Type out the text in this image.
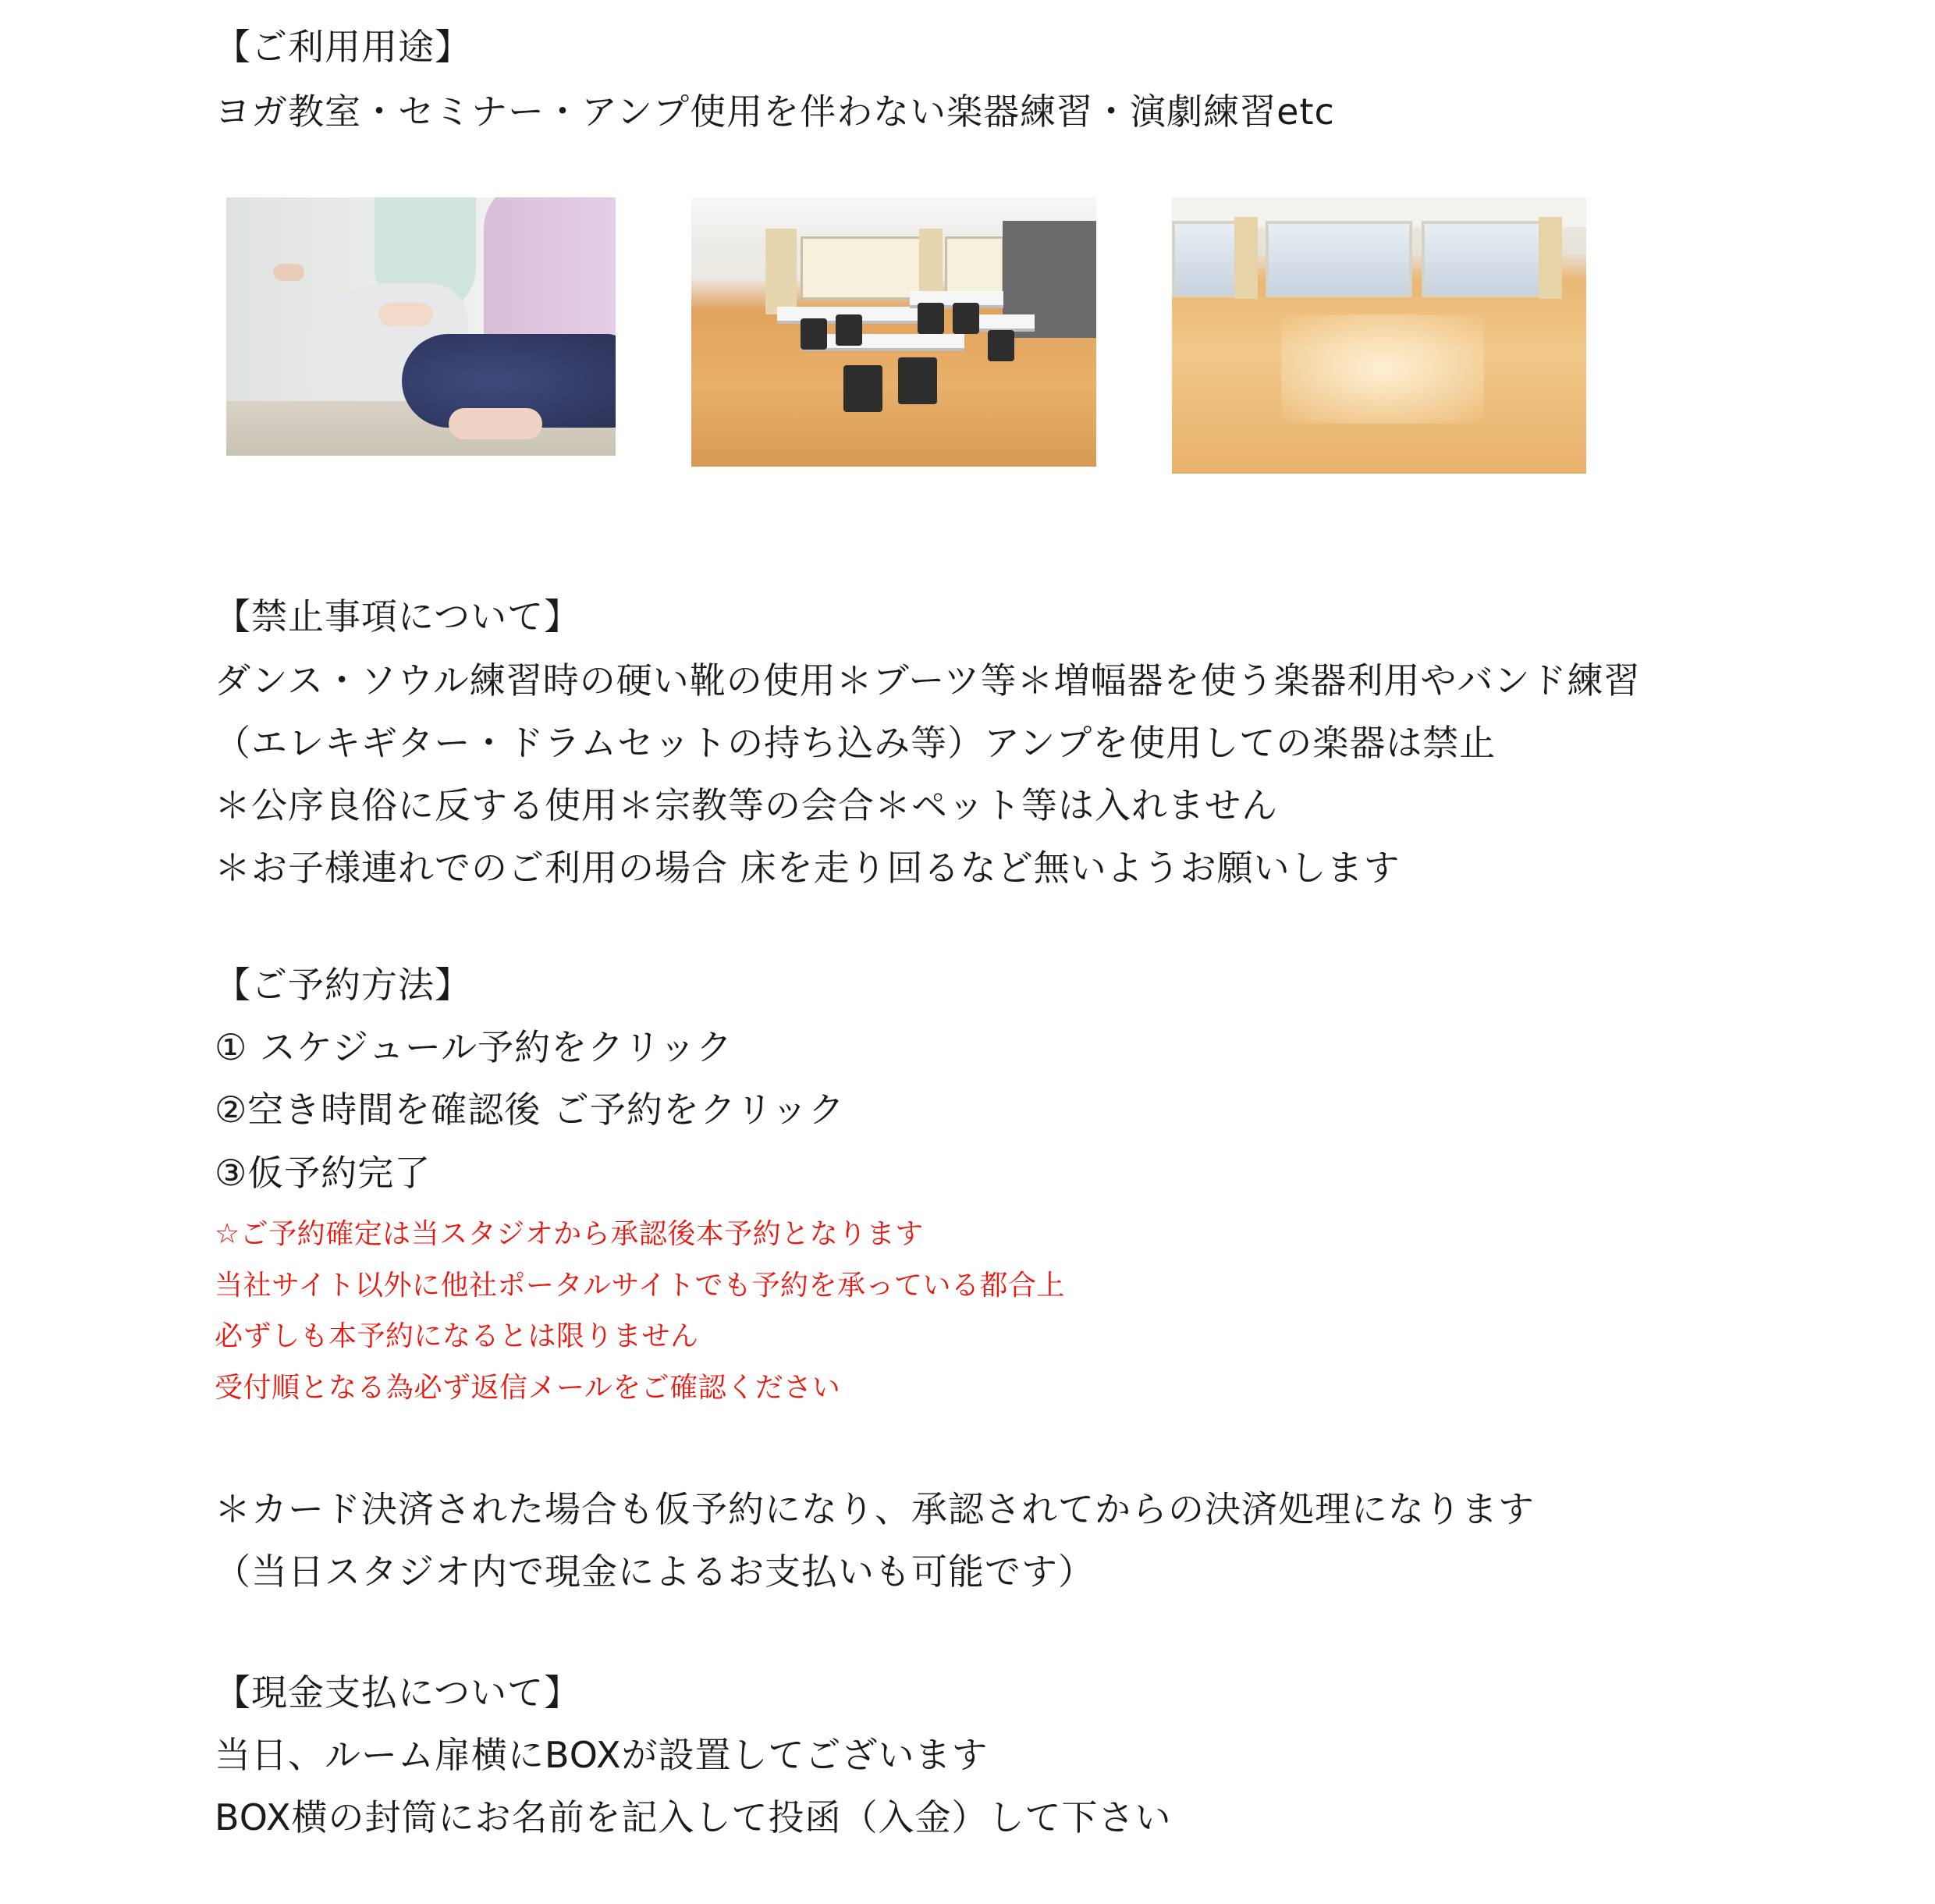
【ご利用用途】
ヨガ教室・セミナー・アンプ使用を伴わない楽器練習・演劇練習etc
【禁止事項について】
ダンス・ソウル練習時の硬い靴の使用＊ブーツ等＊増幅器を使う楽器利用やバンド練習
（エレキギター・ドラムセットの持ち込み等）アンプを使用しての楽器は禁止
＊公序良俗に反する使用＊宗教等の会合＊ペット等は入れません
＊お子様連れでのご利用の場合 床を走り回るなど無いようお願いします
【ご予約方法】
① スケジュール予約をクリック
②空き時間を確認後 ご予約をクリック
③仮予約完了
☆ご予約確定は当スタジオから承認後本予約となります
当社サイト以外に他社ポータルサイトでも予約を承っている都合上
必ずしも本予約になるとは限りません
受付順となる為必ず返信メールをご確認ください
＊カード決済された場合も仮予約になり、承認されてからの決済処理になります
（当日スタジオ内で現金によるお支払いも可能です）
【現金支払について】
当日、ルーム扉横にBOXが設置してございます
BOX横の封筒にお名前を記入して投函（入金）して下さい
